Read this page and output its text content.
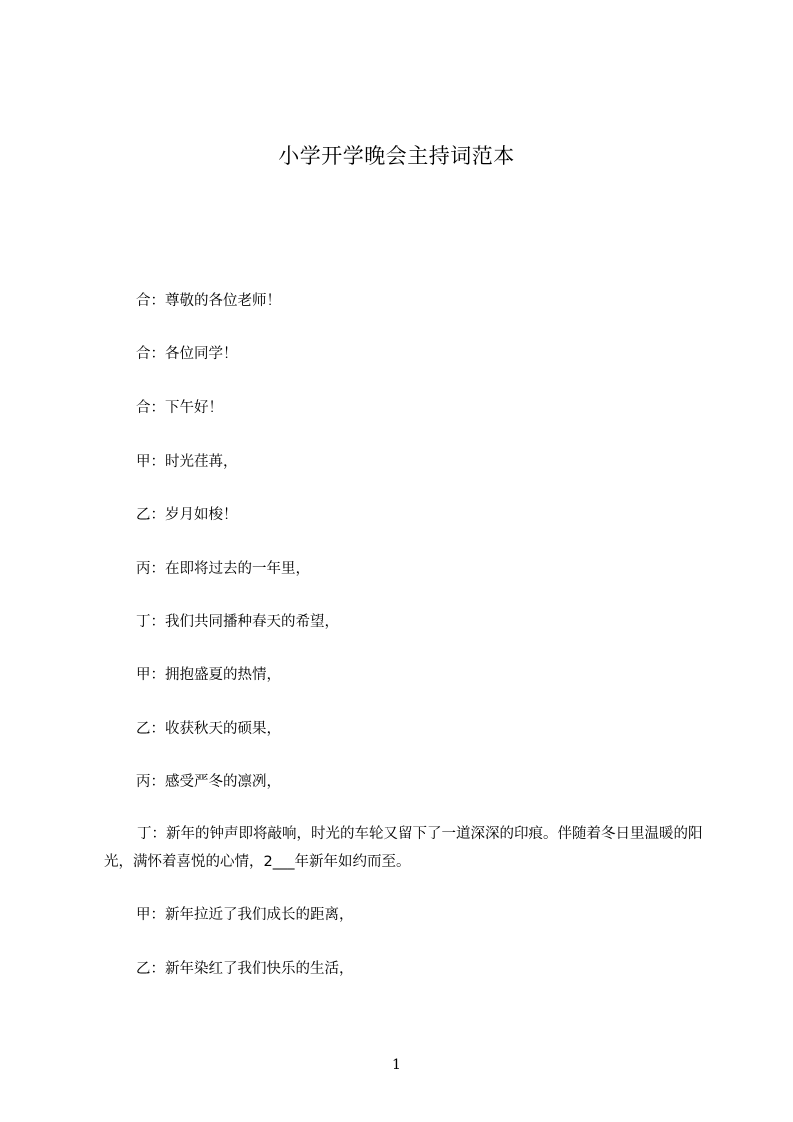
小学开学晚会主持词范本
合：尊敬的各位老师！
合：各位同学！
合：下午好！
甲：时光荏苒，
乙：岁月如梭！
丙：在即将过去的一年里，
丁：我们共同播种春天的希望，
甲：拥抱盛夏的热情，
乙：收获秋天的硕果，
丙：感受严冬的凛冽，
丁：新年的钟声即将敲响，时光的车轮又留下了一道深深的印痕。伴随着冬日里温暖的阳光，满怀着喜悦的心情，2___年新年如约而至。
甲：新年拉近了我们成长的距离，
乙：新年染红了我们快乐的生活，
1
